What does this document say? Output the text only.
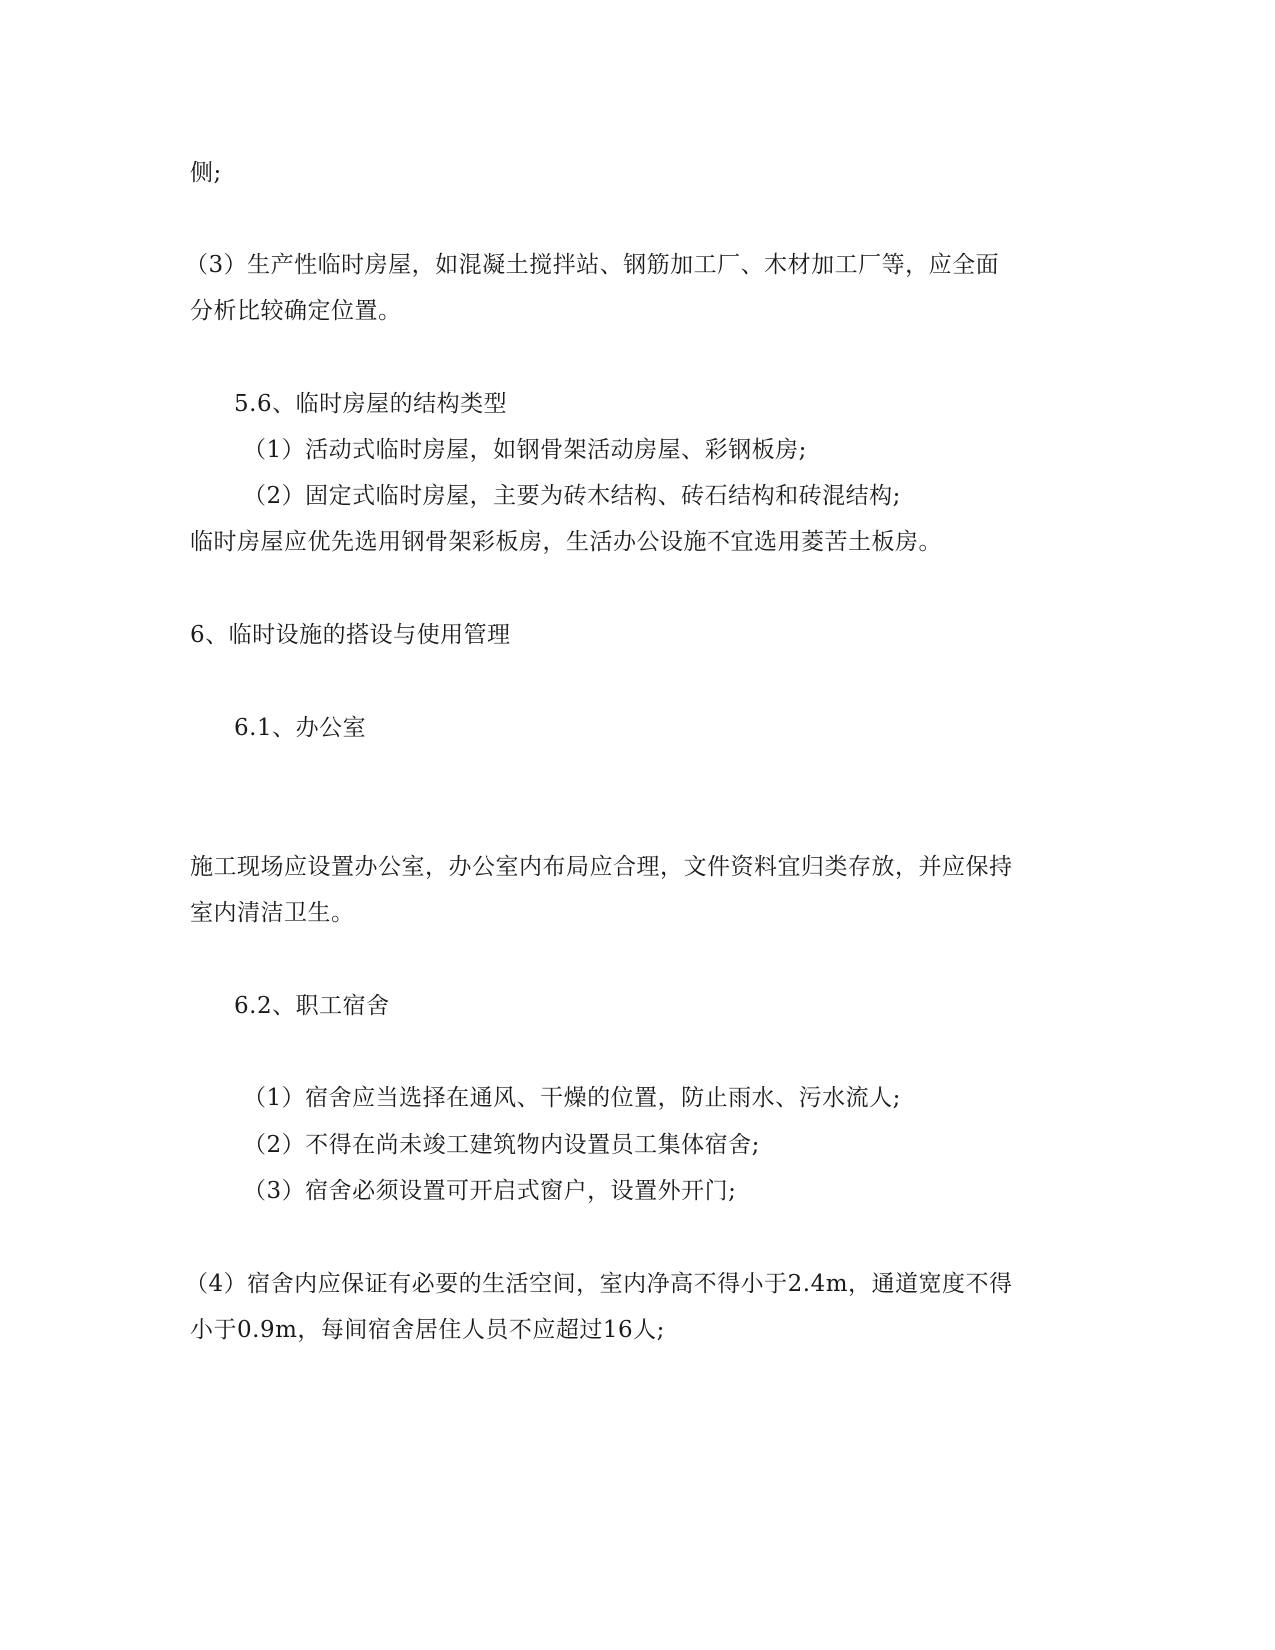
侧;
（3）生产性临时房屋，如混凝土搅拌站、钢筋加工厂、木材加工厂等，应全面
分析比较确定位置。
5.6、临时房屋的结构类型
（1）活动式临时房屋，如钢骨架活动房屋、彩钢板房;
（2）固定式临时房屋，主要为砖木结构、砖石结构和砖混结构;
临时房屋应优先选用钢骨架彩板房，生活办公设施不宜选用菱苦土板房。
6、临时设施的搭设与使用管理
6.1、办公室
施工现场应设置办公室，办公室内布局应合理，文件资料宜归类存放，并应保持
室内清洁卫生。
6.2、职工宿舍
（1）宿舍应当选择在通风、干燥的位置，防止雨水、污水流人;
（2）不得在尚未竣工建筑物内设置员工集体宿舍;
（3）宿舍必须设置可开启式窗户，设置外开门;
（4）宿舍内应保证有必要的生活空间，室内净高不得小于2.4m，通道宽度不得
小于0.9m，每间宿舍居住人员不应超过16人;
